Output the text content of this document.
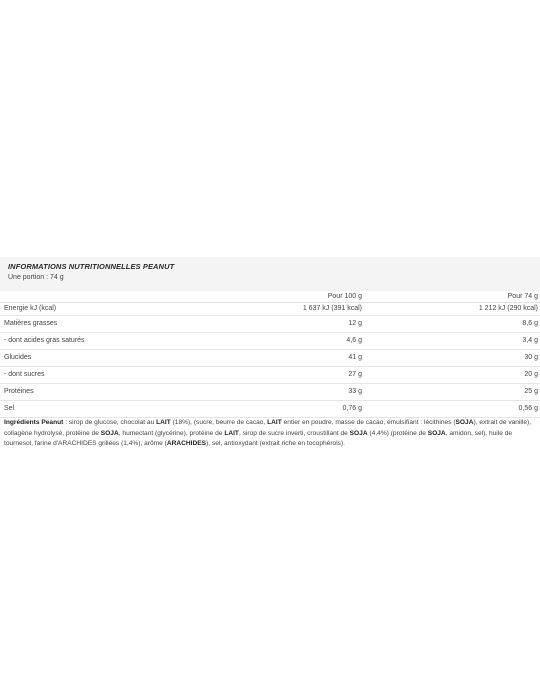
INFORMATIONS NUTRITIONNELLES PEANUT
Une portion : 74 g
	Pour 100 g	Pour 74 g
Energie kJ (kcal)	1 637 kJ (391 kcal)	1 212 kJ (290 kcal)
Matières grasses	12 g	8,6 g
- dont acides gras saturés	4,6 g	3,4 g
Glucides	41 g	30 g
- dont sucres	27 g	20 g
Protéines	33 g	25 g
Sel	0,76 g	0,56 g
Ingrédients Peanut : sirop de glucose, chocolat au LAIT (18%), (sucre, beurre de cacao, LAIT entier en poudre, masse de cacao, émulsifiant : lécithines (SOJA), extrait de vanille), collagène hydrolysé, protéine de SOJA, humectant (glycérine), protéine de LAIT, sirop de sucre inverti, croustillant de SOJA (4,4%) (protéine de SOJA, amidon, sel), huile de tournesol, farine d'ARACHIDES grillées (1,4%), arôme (ARACHIDES), sel, antioxydant (extrait riche en tocophérols).
